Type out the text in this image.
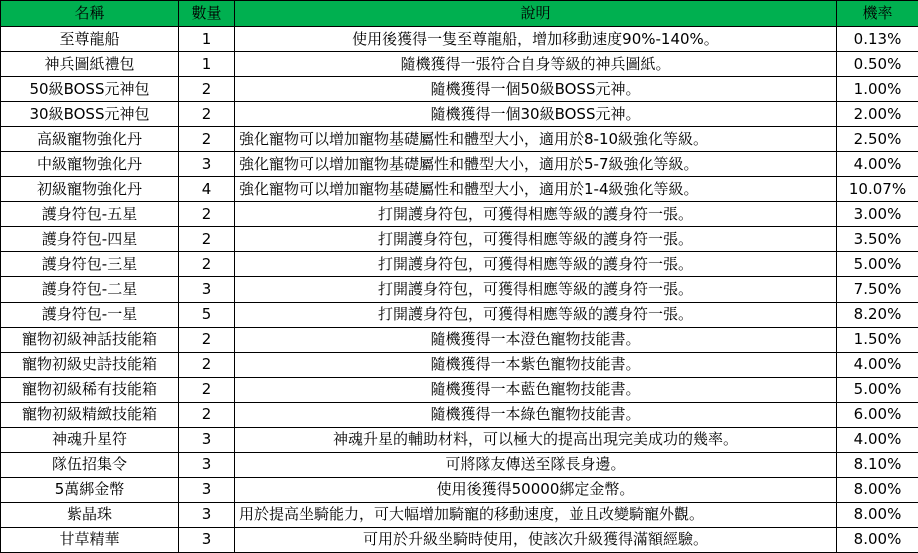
名稱	數量	說明	機率
至尊龍船	1	使用後獲得一隻至尊龍船，增加移動速度90%-140%。	0.13%
神兵圖紙禮包	1	隨機獲得一張符合自身等級的神兵圖紙。	0.50%
50級BOSS元神包	2	隨機獲得一個50級BOSS元神。	1.00%
30級BOSS元神包	2	隨機獲得一個30級BOSS元神。	2.00%
高級寵物強化丹	2	強化寵物可以增加寵物基礎屬性和體型大小，適用於8-10級強化等級。	2.50%
中級寵物強化丹	3	強化寵物可以增加寵物基礎屬性和體型大小，適用於5-7級強化等級。	4.00%
初級寵物強化丹	4	強化寵物可以增加寵物基礎屬性和體型大小，適用於1-4級強化等級。	10.07%
護身符包-五星	2	打開護身符包，可獲得相應等級的護身符一張。	3.00%
護身符包-四星	2	打開護身符包，可獲得相應等級的護身符一張。	3.50%
護身符包-三星	2	打開護身符包，可獲得相應等級的護身符一張。	5.00%
護身符包-二星	3	打開護身符包，可獲得相應等級的護身符一張。	7.50%
護身符包-一星	5	打開護身符包，可獲得相應等級的護身符一張。	8.20%
寵物初級神話技能箱	2	隨機獲得一本澄色寵物技能書。	1.50%
寵物初級史詩技能箱	2	隨機獲得一本紫色寵物技能書。	4.00%
寵物初級稀有技能箱	2	隨機獲得一本藍色寵物技能書。	5.00%
寵物初級精緻技能箱	2	隨機獲得一本綠色寵物技能書。	6.00%
神魂升星符	3	神魂升星的輔助材料，可以極大的提高出現完美成功的幾率。	4.00%
隊伍招集令	3	可將隊友傳送至隊長身邊。	8.10%
5萬綁金幣	3	使用後獲得50000綁定金幣。	8.00%
紫晶珠	3	用於提高坐騎能力，可大幅增加騎寵的移動速度，並且改變騎寵外觀。	8.00%
甘草精華	3	可用於升級坐騎時使用，使該次升級獲得滿額經驗。	8.00%
